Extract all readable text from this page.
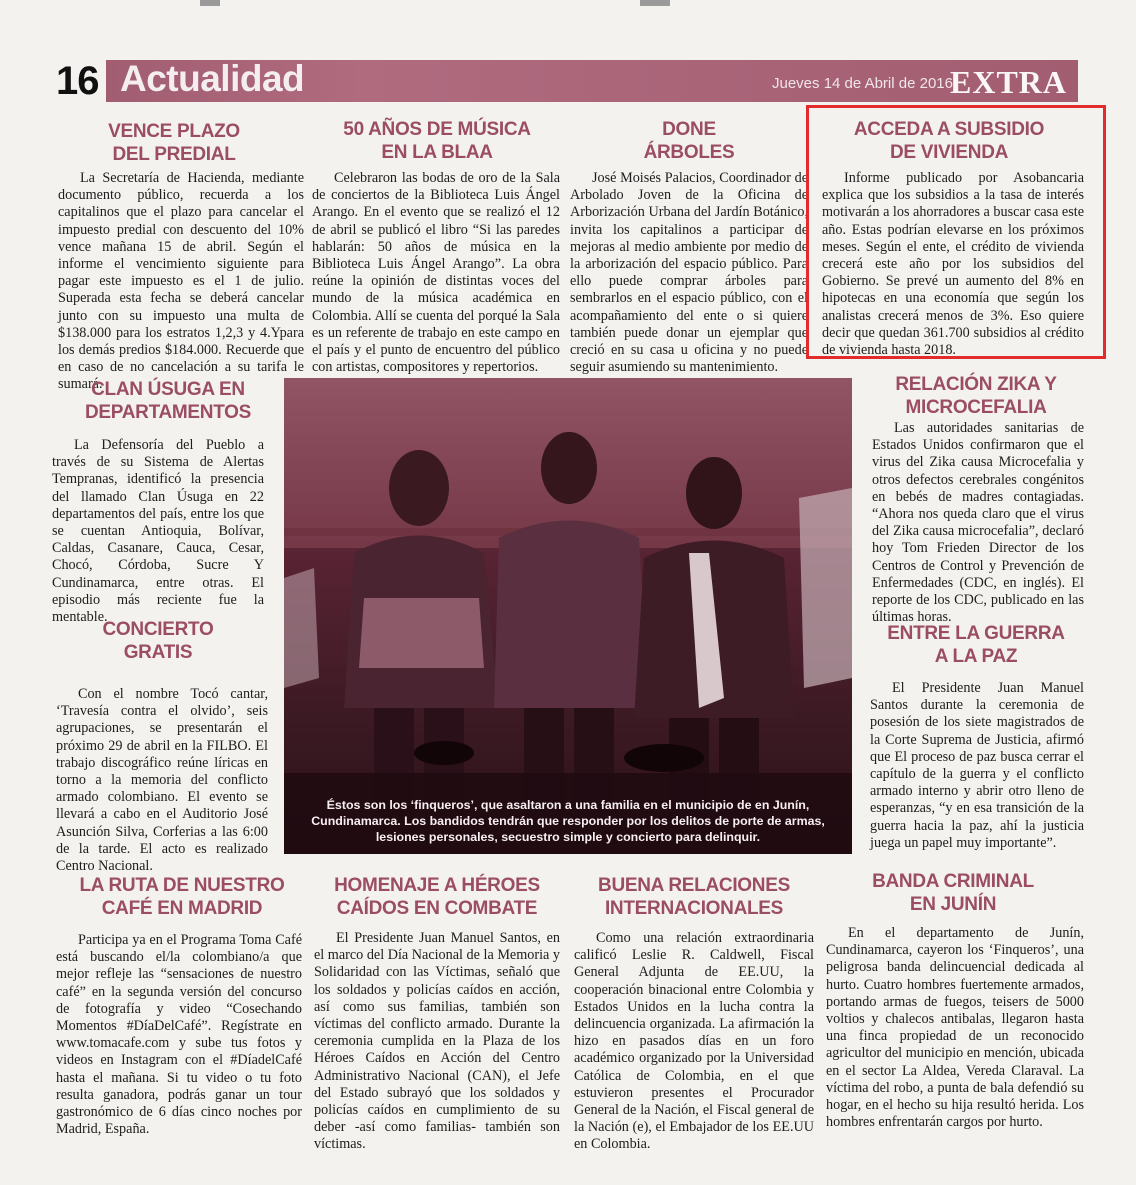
16 Actualidad	Jueves 14 de Abril de 2016
EXTRA
VENCE PLAZO
DEL PREDIAL
La Secretaría de Hacienda, mediante documento público, recuerda a los capitalinos que el plazo para cancelar el impuesto predial con descuento del 10% vence mañana 15 de abril. Según el informe el vencimiento siguiente para pagar este impuesto es el 1 de julio. Superada esta fecha se deberá cancelar junto con su impuesto una multa de $138.000 para los estratos 1,2,3 y 4.Ypara los demás predios $184.000. Recuerde que en caso de no cancelación a su tarifa le sumará.
50 AÑOS DE MÚSICA
EN LA BLAA
Celebraron las bodas de oro de la Sala de conciertos de la Biblioteca Luis Ángel Arango. En el evento que se realizó el 12 de abril se publicó el libro “Si las paredes hablarán: 50 años de música en la Biblioteca Luis Ángel Arango”. La obra reúne la opinión de distintas voces del mundo de la música académica en Colombia. Allí se cuenta del porqué la Sala es un referente de trabajo en este campo en el país y el punto de encuentro del público con artistas, compositores y repertorios.
DONE
ÁRBOLES
José Moisés Palacios, Coordinador de Arbolado Joven de la Oficina de Arborización Urbana del Jardín Botánico, invita los capitalinos a participar de mejoras al medio ambiente por medio de la arborización del espacio público. Para ello puede comprar árboles para sembrarlos en el espacio público, con el acompañamiento del ente o si quiere también puede donar un ejemplar que creció en su casa u oficina y no puede seguir asumiendo su mantenimiento.
ACCEDA A SUBSIDIO
DE VIVIENDA
Informe publicado por Asobancaria explica que los subsidios a la tasa de interés motivarán a los ahorradores a buscar casa este año. Estas podrían elevarse en los próximos meses. Según el ente, el crédito de vivienda crecerá este año por los subsidios del Gobierno. Se prevé un aumento del 8% en hipotecas en una economía que según los analistas crecerá menos de 3%. Eso quiere decir que quedan 361.700 subsidios al crédito de vivienda hasta 2018.
CLAN ÚSUGA EN
DEPARTAMENTOS
La Defensoría del Pueblo a través de su Sistema de Alertas Tempranas, identificó la presencia del llamado Clan Úsuga en 22 departamentos del país, entre los que se cuentan Antioquia, Bolívar, Caldas, Casanare, Cauca, Cesar, Chocó, Córdoba, Sucre Y Cundinamarca, entre otras. El episodio más reciente fue la mentable.
CONCIERTO
GRATIS
Con el nombre Tocó cantar, ‘Travesía contra el olvido’, seis agrupaciones, se presentarán el próximo 29 de abril en la FILBO. El trabajo discográfico reúne líricas en torno a la memoria del conflicto armado colombiano. El evento se llevará a cabo en el Auditorio José Asunción Silva, Corferias a las 6:00 de la tarde. El acto es realizado Centro Nacional.
Éstos son los ‘finqueros’, que asaltaron a una familia en el municipio de en Junín, Cundinamarca. Los bandidos tendrán que responder por los delitos de porte de armas, lesiones personales, secuestro simple y concierto para delinquir.
RELACIÓN ZIKA Y
MICROCEFALIA
Las autoridades sanitarias de Estados Unidos confirmaron que el virus del Zika causa Microcefalia y otros defectos cerebrales congénitos en bebés de madres contagiadas. “Ahora nos queda claro que el virus del Zika causa microcefalia”, declaró hoy Tom Frieden Director de los Centros de Control y Prevención de Enfermedades (CDC, en inglés). El reporte de los CDC, publicado en las últimas horas.
ENTRE LA GUERRA
A LA PAZ
El Presidente Juan Manuel Santos durante la ceremonia de posesión de los siete magistrados de la Corte Suprema de Justicia, afirmó que El proceso de paz busca cerrar el capítulo de la guerra y el conflicto armado interno y abrir otro lleno de esperanzas, “y en esa transición de la guerra hacia la paz, ahí la justicia juega un papel muy importante”.
LA RUTA DE NUESTRO
CAFÉ EN MADRID
Participa ya en el Programa Toma Café está buscando el/la colombiano/a que mejor refleje las “sensaciones de nuestro café” en la segunda versión del concurso de fotografía y video “Cosechando Momentos #DíaDelCafé”. Regístrate en www.tomacafe.com y sube tus fotos y videos en Instagram con el #DíadelCafé hasta el mañana. Si tu video o tu foto resulta ganadora, podrás ganar un tour gastronómico de 6 días cinco noches por Madrid, España.
HOMENAJE A HÉROES
CAÍDOS EN COMBATE
El Presidente Juan Manuel Santos, en el marco del Día Nacional de la Memoria y Solidaridad con las Víctimas, señaló que los soldados y policías caídos en acción, así como sus familias, también son víctimas del conflicto armado. Durante la ceremonia cumplida en la Plaza de los Héroes Caídos en Acción del Centro Administrativo Nacional (CAN), el Jefe del Estado subrayó que los soldados y policías caídos en cumplimiento de su deber -así como familias- también son víctimas.
BUENA RELACIONES
INTERNACIONALES
Como una relación extraordinaria calificó Leslie R. Caldwell, Fiscal General Adjunta de EE.UU, la cooperación binacional entre Colombia y Estados Unidos en la lucha contra la delincuencia organizada. La afirmación la hizo en pasados días en un foro académico organizado por la Universidad Católica de Colombia, en el que estuvieron presentes el Procurador General de la Nación, el Fiscal general de la Nación (e), el Embajador de los EE.UU en Colombia.
BANDA CRIMINAL
EN JUNÍN
En el departamento de Junín, Cundinamarca, cayeron los ‘Finqueros’, una peligrosa banda delincuencial dedicada al hurto. Cuatro hombres fuertemente armados, portando armas de fuegos, teisers de 5000 voltios y chalecos antibalas, llegaron hasta una finca propiedad de un reconocido agricultor del municipio en mención, ubicada en el sector La Aldea, Vereda Claraval. La víctima del robo, a punta de bala defendió su hogar, en el hecho su hija resultó herida. Los hombres enfrentarán cargos por hurto.
